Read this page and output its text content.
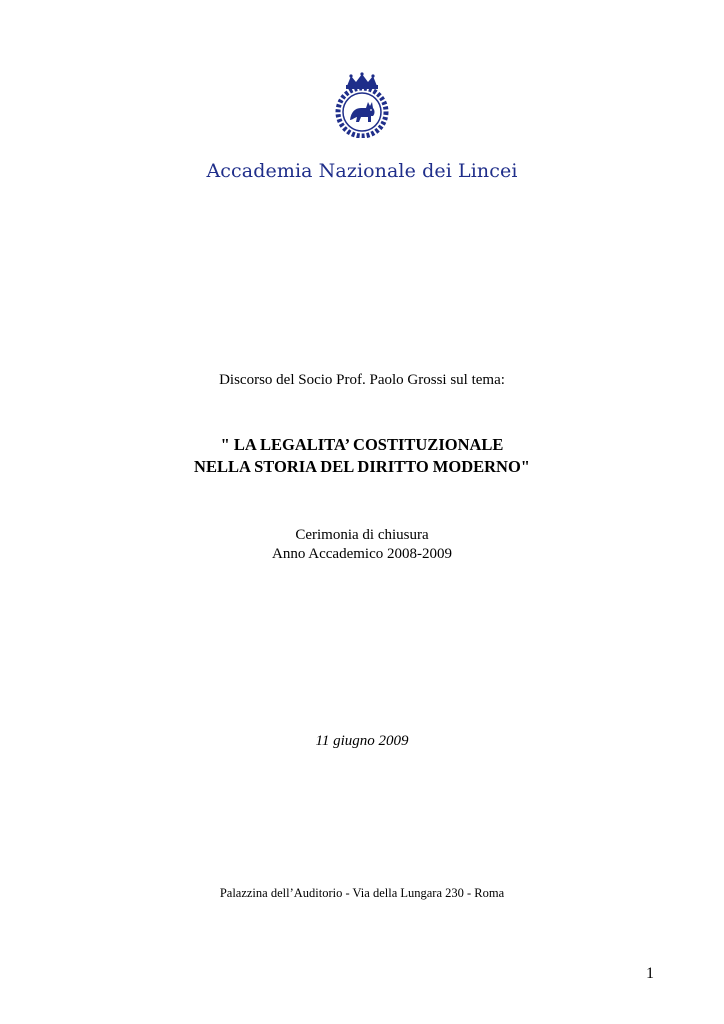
Accademia Nazionale dei Lincei
Discorso del Socio Prof. Paolo Grossi sul tema:
" LA LEGALITA’ COSTITUZIONALE
NELLA STORIA DEL DIRITTO MODERNO"
Cerimonia di chiusura
Anno Accademico 2008-2009
11 giugno 2009
Palazzina dell’Auditorio - Via della Lungara 230 - Roma
1
